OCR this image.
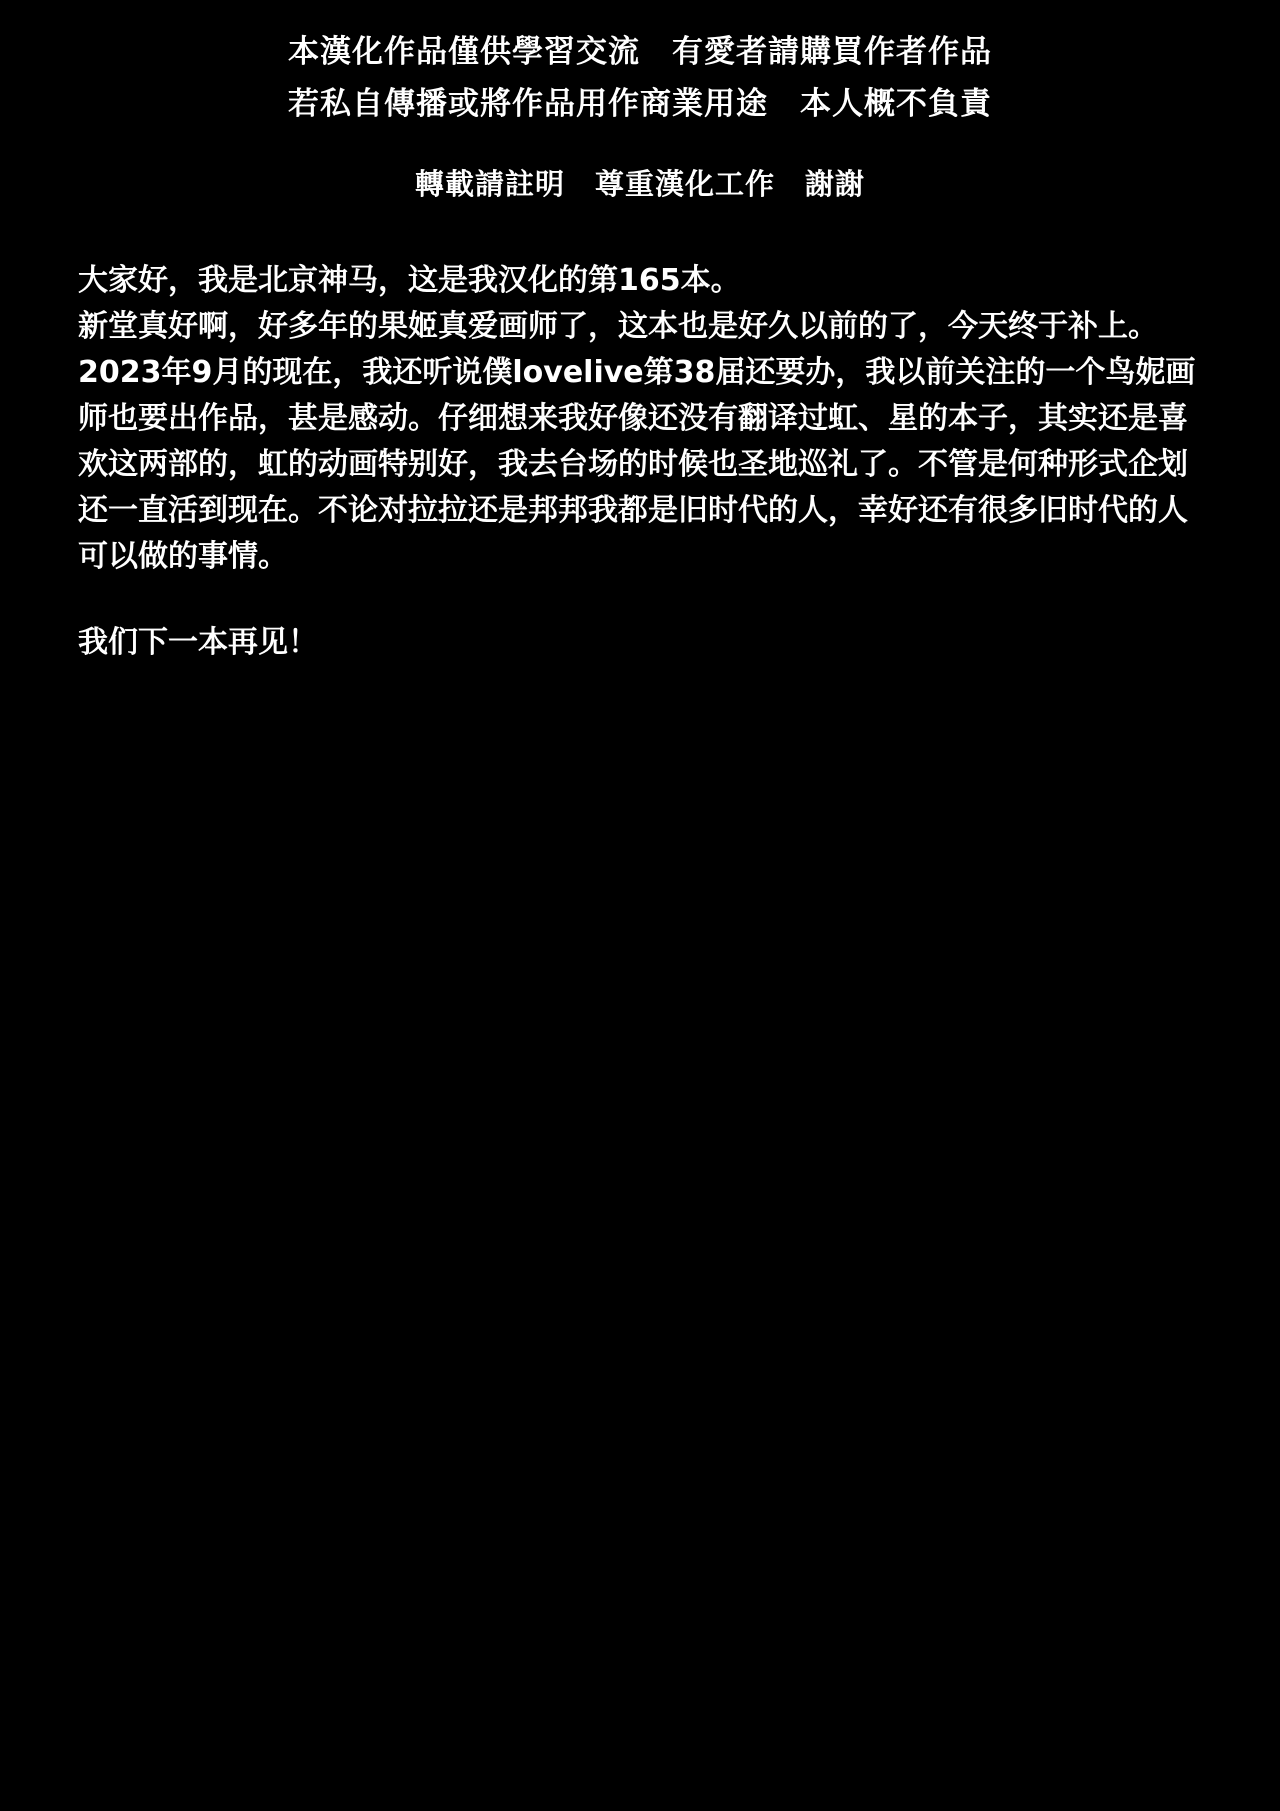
本漢化作品僅供學習交流　有愛者請購買作者作品
若私自傳播或將作品用作商業用途　本人概不負責
轉載請註明　尊重漢化工作　謝謝

大家好，我是北京神马，这是我汉化的第165本。

新堂真好啊，好多年的果姬真爱画师了，这本也是好久以前的了，今天终于补上。2023年9月的现在，我还听说僕lovelive第38届还要办，我以前关注的一个鸟妮画师也要出作品，甚是感动。仔细想来我好像还没有翻译过虹、星的本子，其实还是喜欢这两部的，虹的动画特别好，我去台场的时候也圣地巡礼了。不管是何种形式企划还一直活到现在。不论对拉拉还是邦邦我都是旧时代的人，幸好还有很多旧时代的人可以做的事情。

我们下一本再见！
